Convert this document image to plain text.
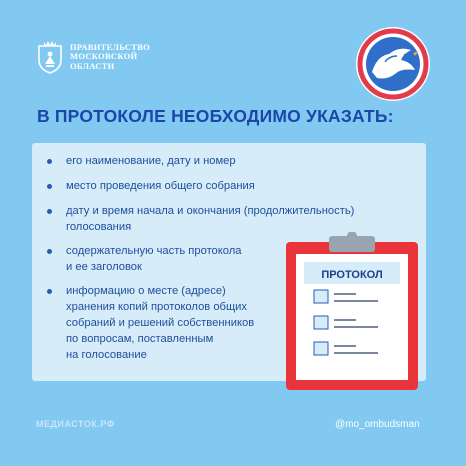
ПРАВИТЕЛЬСТВО
МОСКОВСКОЙ
ОБЛАСТИ
В ПРОТОКОЛЕ НЕОБХОДИМО УКАЗАТЬ:
его наименование, дату и номер
место проведения общего собрания
дату и время начала и окончания (продолжительность)
голосования
содержательную часть протокола
и ее заголовок
информацию о месте (адресе)
хранения копий протоколов общих
собраний и решений собственников
по вопросам, поставленным
на голосование
ПРОТОКОЛ
МЕДИАСТОК.РФ	@mo_ombudsman
